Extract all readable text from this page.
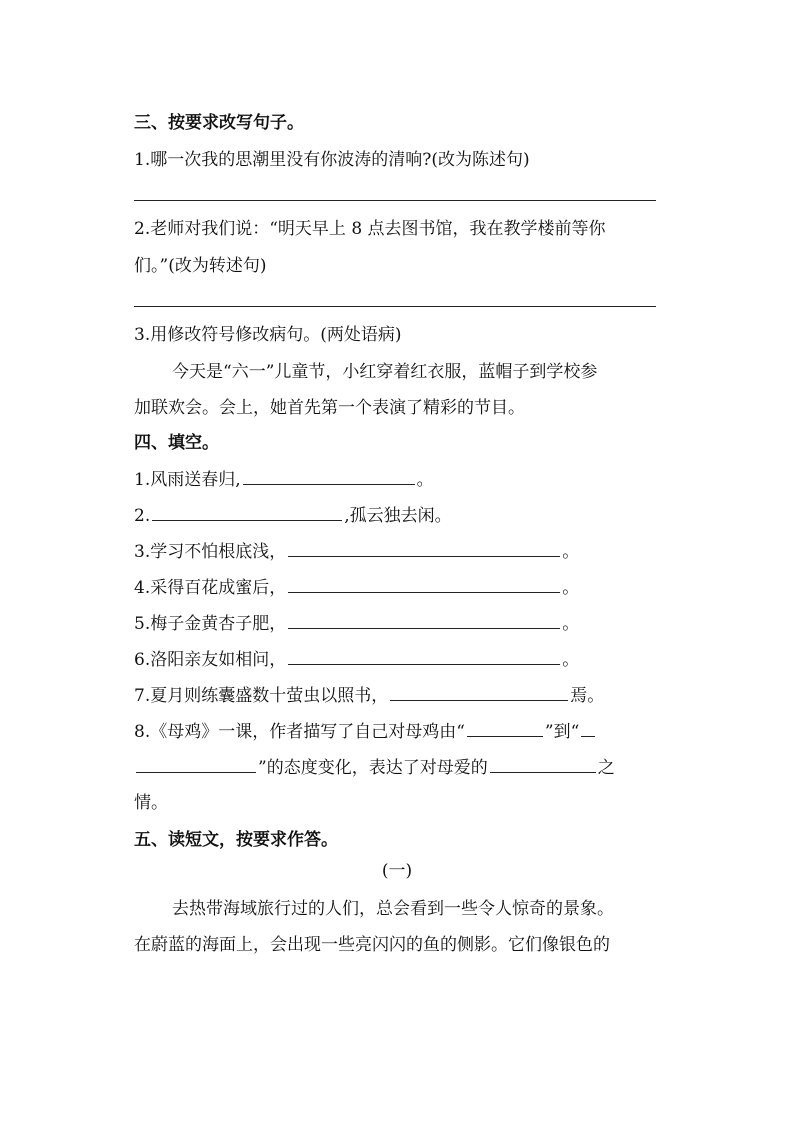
三、按要求改写句子。
1.哪一次我的思潮里没有你波涛的清响?(改为陈述句)
2.老师对我们说：“明天早上 8 点去图书馆，我在教学楼前等你
们。”(改为转述句)
3.用修改符号修改病句。(两处语病)
今天是“六一”儿童节，小红穿着红衣服，蓝帽子到学校参
加联欢会。会上，她首先第一个表演了精彩的节目。
四、填空。
1.风雨送春归,	。
2.	,孤云独去闲。
3.学习不怕根底浅，	。
4.采得百花成蜜后，	。
5.梅子金黄杏子肥，	。
6.洛阳亲友如相问，	。
7.夏月则练囊盛数十萤虫以照书，	焉。
8.《母鸡》一课，作者描写了自己对母鸡由“	”到“
”的态度变化，表达了对母爱的	之
情。
五、读短文，按要求作答。
(一)
去热带海域旅行过的人们，总会看到一些令人惊奇的景象。
在蔚蓝的海面上，会出现一些亮闪闪的鱼的侧影。它们像银色的
